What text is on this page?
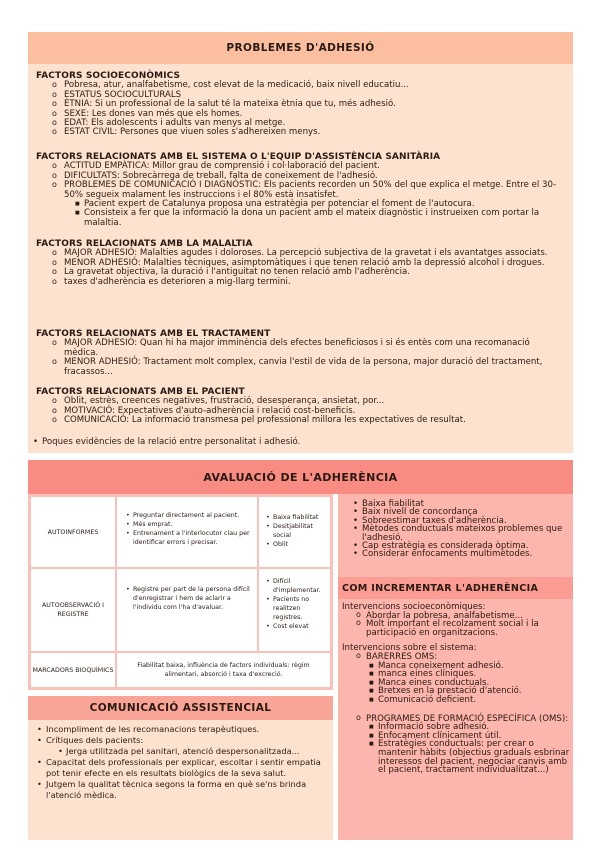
PROBLEMES D'ADHESIÓ
FACTORS SOCIOECONÒMICS
o Pobresa, atur, analfabetisme, cost elevat de la medicació, baix nivell educatiu...
o ESTATUS SOCIOCULTURALS
o ÈTNIA: Si un professional de la salut té la mateixa ètnia que tu, més adhesió.
o SEXE: Les dones van més que els homes.
o EDAT: Els adolescents i adults van menys al metge.
o ESTAT CIVIL: Persones que viuen soles s'adhereixen menys.
FACTORS RELACIONATS AMB EL SISTEMA O L'EQUIP D'ASSISTÈNCIA SANITÀRIA
o ACTITUD EMPÀTICA: Millor grau de comprensió i col·laboració del pacient.
o DIFICULTATS: Sobrecàrrega de treball, falta de coneixement de l'adhesió.
o PROBLEMES DE COMUNICACIÓ I DIAGNÒSTIC: Els pacients recorden un 50% del que explica el metge. Entre el 30-50% segueix malament les instruccions i el 80% està insatisfet.
■ Pacient expert de Catalunya proposa una estratègia per potenciar el foment de l'autocura.
■ Consisteix a fer que la informació la dona un pacient amb el mateix diagnòstic i instrueixen com portar la malaltia.
FACTORS RELACIONATS AMB LA MALALTIA
o MAJOR ADHESIÓ: Malalties agudes i doloroses. La percepció subjectiva de la gravetat i els avantatges associats.
o MENOR ADHESIÓ: Malalties tècniques, asimptomàtiques i que tenen relació amb la depressió alcohol i drogues.
o La gravetat objectiva, la duració i l'antiguitat no tenen relació amb l'adherència.
o taxes d'adherència es deterioren a mig-llarg termini.
FACTORS RELACIONATS AMB EL TRACTAMENT
o MAJOR ADHESIÓ: Quan hi ha major imminència dels efectes beneficiosos i si és entès com una recomanació mèdica.
o MENOR ADHESIÓ: Tractament molt complex, canvia l'estil de vida de la persona, major duració del tractament, fracassos...
FACTORS RELACIONATS AMB EL PACIENT
o Oblit, estrès, creences negatives, frustració, desesperança, ansietat, por...
o MOTIVACIÓ: Expectatives d'auto-adherència i relació cost-beneficis.
o COMUNICACIÓ: La informació transmesa pel professional millora les expectatives de resultat.
• Poques evidències de la relació entre personalitat i adhesió.
AVALUACIÓ DE L'ADHERÈNCIA
AUTOINFORMES
• Preguntar directament al pacient.
• Més emprat.
• Entrenament a l'interlocutor clau per identificar errors i precisar.
• Baixa fiabilitat
• Desitjabilitat social
• Oblit
AUTOOBSERVACIÓ I REGISTRE
• Registre per part de la persona difícil d'enregistrar i hem de aclarir a l'individu com l'ha d'avaluar.
• Difícil d'implementar.
• Pacients no realitzen registres.
• Cost elevat
MARCADORS BIOQUÍMICS
Fiabilitat baixa, influència de factors individuals: règim alimentari, absorció i taxa d'excreció.
• Baixa fiabilitat
• Baix nivell de concordança
• Sobreestimar taxes d'adherència.
• Mètodes conductuals mateixos problemes que l'adhesió.
• Cap estratègia es considerada òptima.
• Considerar enfocaments multimètodes.
COM INCREMENTAR L'ADHERÈNCIA
Intervencions socioeconòmiques:
o Abordar la pobresa, analfabetisme...
o Molt important el recolzament social i la participació en organitzacions.
Intervencions sobre el sistema:
o BARERRES OMS:
■ Manca coneixement adhesió.
■ manca eines clíniques.
■ Manca eines conductuals.
■ Bretxes en la prestació d'atenció.
■ Comunicació deficient.
o PROGRAMES DE FORMACIÓ ESPECÍFICA (OMS):
■ Informació sobre adhesió.
■ Enfocament clínicament útil.
■ Estratègies conductuals: per crear o mantenir hàbits (objectius graduals esbrinar interessos del pacient, negociar canvis amb el pacient, tractament individualitzat...)
COMUNICACIÓ ASSISTENCIAL
• Incompliment de les recomanacions terapèutiques.
• Crítiques dels pacients:
• Jerga utilitzada pel sanitari, atenció despersonalitzada...
• Capacitat dels professionals per explicar, escoltar i sentir empatia pot tenir efecte en els resultats biològics de la seva salut.
• Jutgem la qualitat tècnica segons la forma en què se'ns brinda l'atenció mèdica.
